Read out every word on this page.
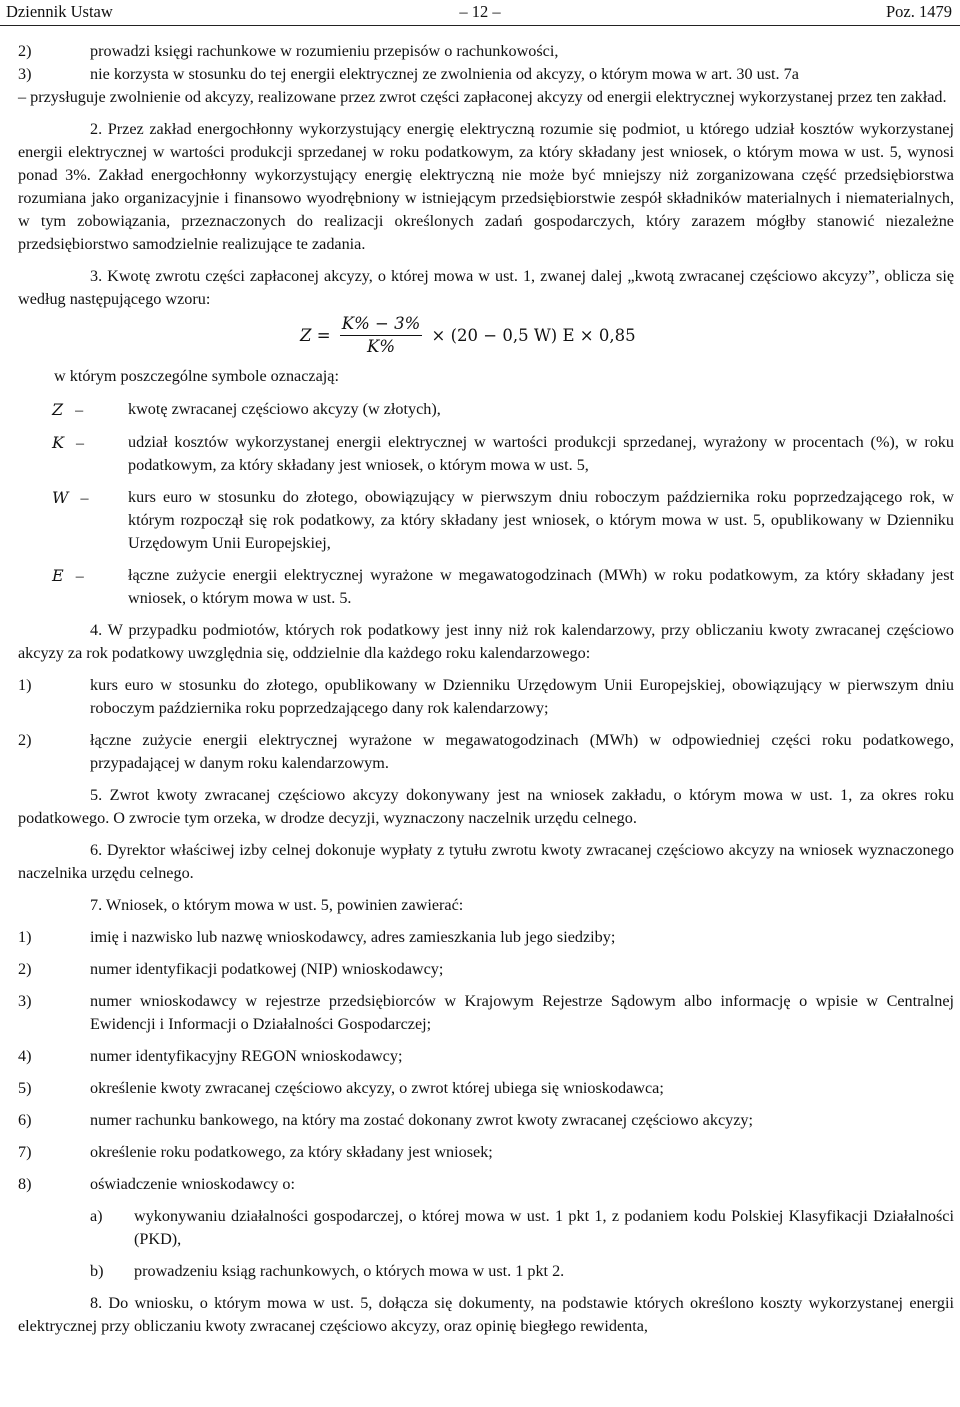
Dziennik Ustaw	– 12 –	Poz. 1479
2)	prowadzi księgi rachunkowe w rozumieniu przepisów o rachunkowości,
3)	nie korzysta w stosunku do tej energii elektrycznej ze zwolnienia od akcyzy, o którym mowa w art. 30 ust. 7a

– przysługuje zwolnienie od akcyzy, realizowane przez zwrot części zapłaconej akcyzy od energii elektrycznej wykorzystanej przez ten zakład.

2. Przez zakład energochłonny wykorzystujący energię elektryczną rozumie się podmiot, u którego udział kosztów wykorzystanej energii elektrycznej w wartości produkcji sprzedanej w roku podatkowym, za który składany jest wniosek, o którym mowa w ust. 5, wynosi ponad 3%. Zakład energochłonny wykorzystujący energię elektryczną nie może być mniejszy niż zorganizowana część przedsiębiorstwa rozumiana jako organizacyjnie i finansowo wyodrębniony w istniejącym przedsiębiorstwie zespół składników materialnych i niematerialnych, w tym zobowiązania, przeznaczonych do realizacji określonych zadań gospodarczych, który zarazem mógłby stanowić niezależne przedsiębiorstwo samodzielnie realizujące te zadania.

3. Kwotę zwrotu części zapłaconej akcyzy, o której mowa w ust. 1, zwanej dalej „kwotą zwracanej częściowo akcyzy”, oblicza się według następującego wzoru:

$Z = \frac{K\% - 3\%}{K\%} \times (20 - 0,5$ W) E × 0,85

w którym poszczególne symbole oznaczają:

Z –	kwotę zwracanej częściowo akcyzy (w złotych),
K –	udział kosztów wykorzystanej energii elektrycznej w wartości produkcji sprzedanej, wyrażony w procentach (%), w roku podatkowym, za który składany jest wniosek, o którym mowa w ust. 5,
W –	kurs euro w stosunku do złotego, obowiązujący w pierwszym dniu roboczym października roku poprzedzającego rok, w którym rozpoczął się rok podatkowy, za który składany jest wniosek, o którym mowa w ust. 5, opublikowany w Dzienniku Urzędowym Unii Europejskiej,
E –	łączne zużycie energii elektrycznej wyrażone w megawatogodzinach (MWh) w roku podatkowym, za który składany jest wniosek, o którym mowa w ust. 5.

4. W przypadku podmiotów, których rok podatkowy jest inny niż rok kalendarzowy, przy obliczaniu kwoty zwracanej częściowo akcyzy za rok podatkowy uwzględnia się, oddzielnie dla każdego roku kalendarzowego:

1)	kurs euro w stosunku do złotego, opublikowany w Dzienniku Urzędowym Unii Europejskiej, obowiązujący w pierwszym dniu roboczym października roku poprzedzającego dany rok kalendarzowy;
2)	łączne zużycie energii elektrycznej wyrażone w megawatogodzinach (MWh) w odpowiedniej części roku podatkowego, przypadającej w danym roku kalendarzowym.

5. Zwrot kwoty zwracanej częściowo akcyzy dokonywany jest na wniosek zakładu, o którym mowa w ust. 1, za okres roku podatkowego. O zwrocie tym orzeka, w drodze decyzji, wyznaczony naczelnik urzędu celnego.

6. Dyrektor właściwej izby celnej dokonuje wypłaty z tytułu zwrotu kwoty zwracanej częściowo akcyzy na wniosek wyznaczonego naczelnika urzędu celnego.

7. Wniosek, o którym mowa w ust. 5, powinien zawierać:

1)	imię i nazwisko lub nazwę wnioskodawcy, adres zamieszkania lub jego siedziby;
2)	numer identyfikacji podatkowej (NIP) wnioskodawcy;
3)	numer wnioskodawcy w rejestrze przedsiębiorców w Krajowym Rejestrze Sądowym albo informację o wpisie w Centralnej Ewidencji i Informacji o Działalności Gospodarczej;
4)	numer identyfikacyjny REGON wnioskodawcy;
5)	określenie kwoty zwracanej częściowo akcyzy, o zwrot której ubiega się wnioskodawca;
6)	numer rachunku bankowego, na który ma zostać dokonany zwrot kwoty zwracanej częściowo akcyzy;
7)	określenie roku podatkowego, za który składany jest wniosek;
8)	oświadczenie wnioskodawcy o:
a)	wykonywaniu działalności gospodarczej, o której mowa w ust. 1 pkt 1, z podaniem kodu Polskiej Klasyfikacji Działalności (PKD),
b)	prowadzeniu ksiąg rachunkowych, o których mowa w ust. 1 pkt 2.

8. Do wniosku, o którym mowa w ust. 5, dołącza się dokumenty, na podstawie których określono koszty wykorzystanej energii elektrycznej przy obliczaniu kwoty zwracanej częściowo akcyzy, oraz opinię biegłego rewidenta,
